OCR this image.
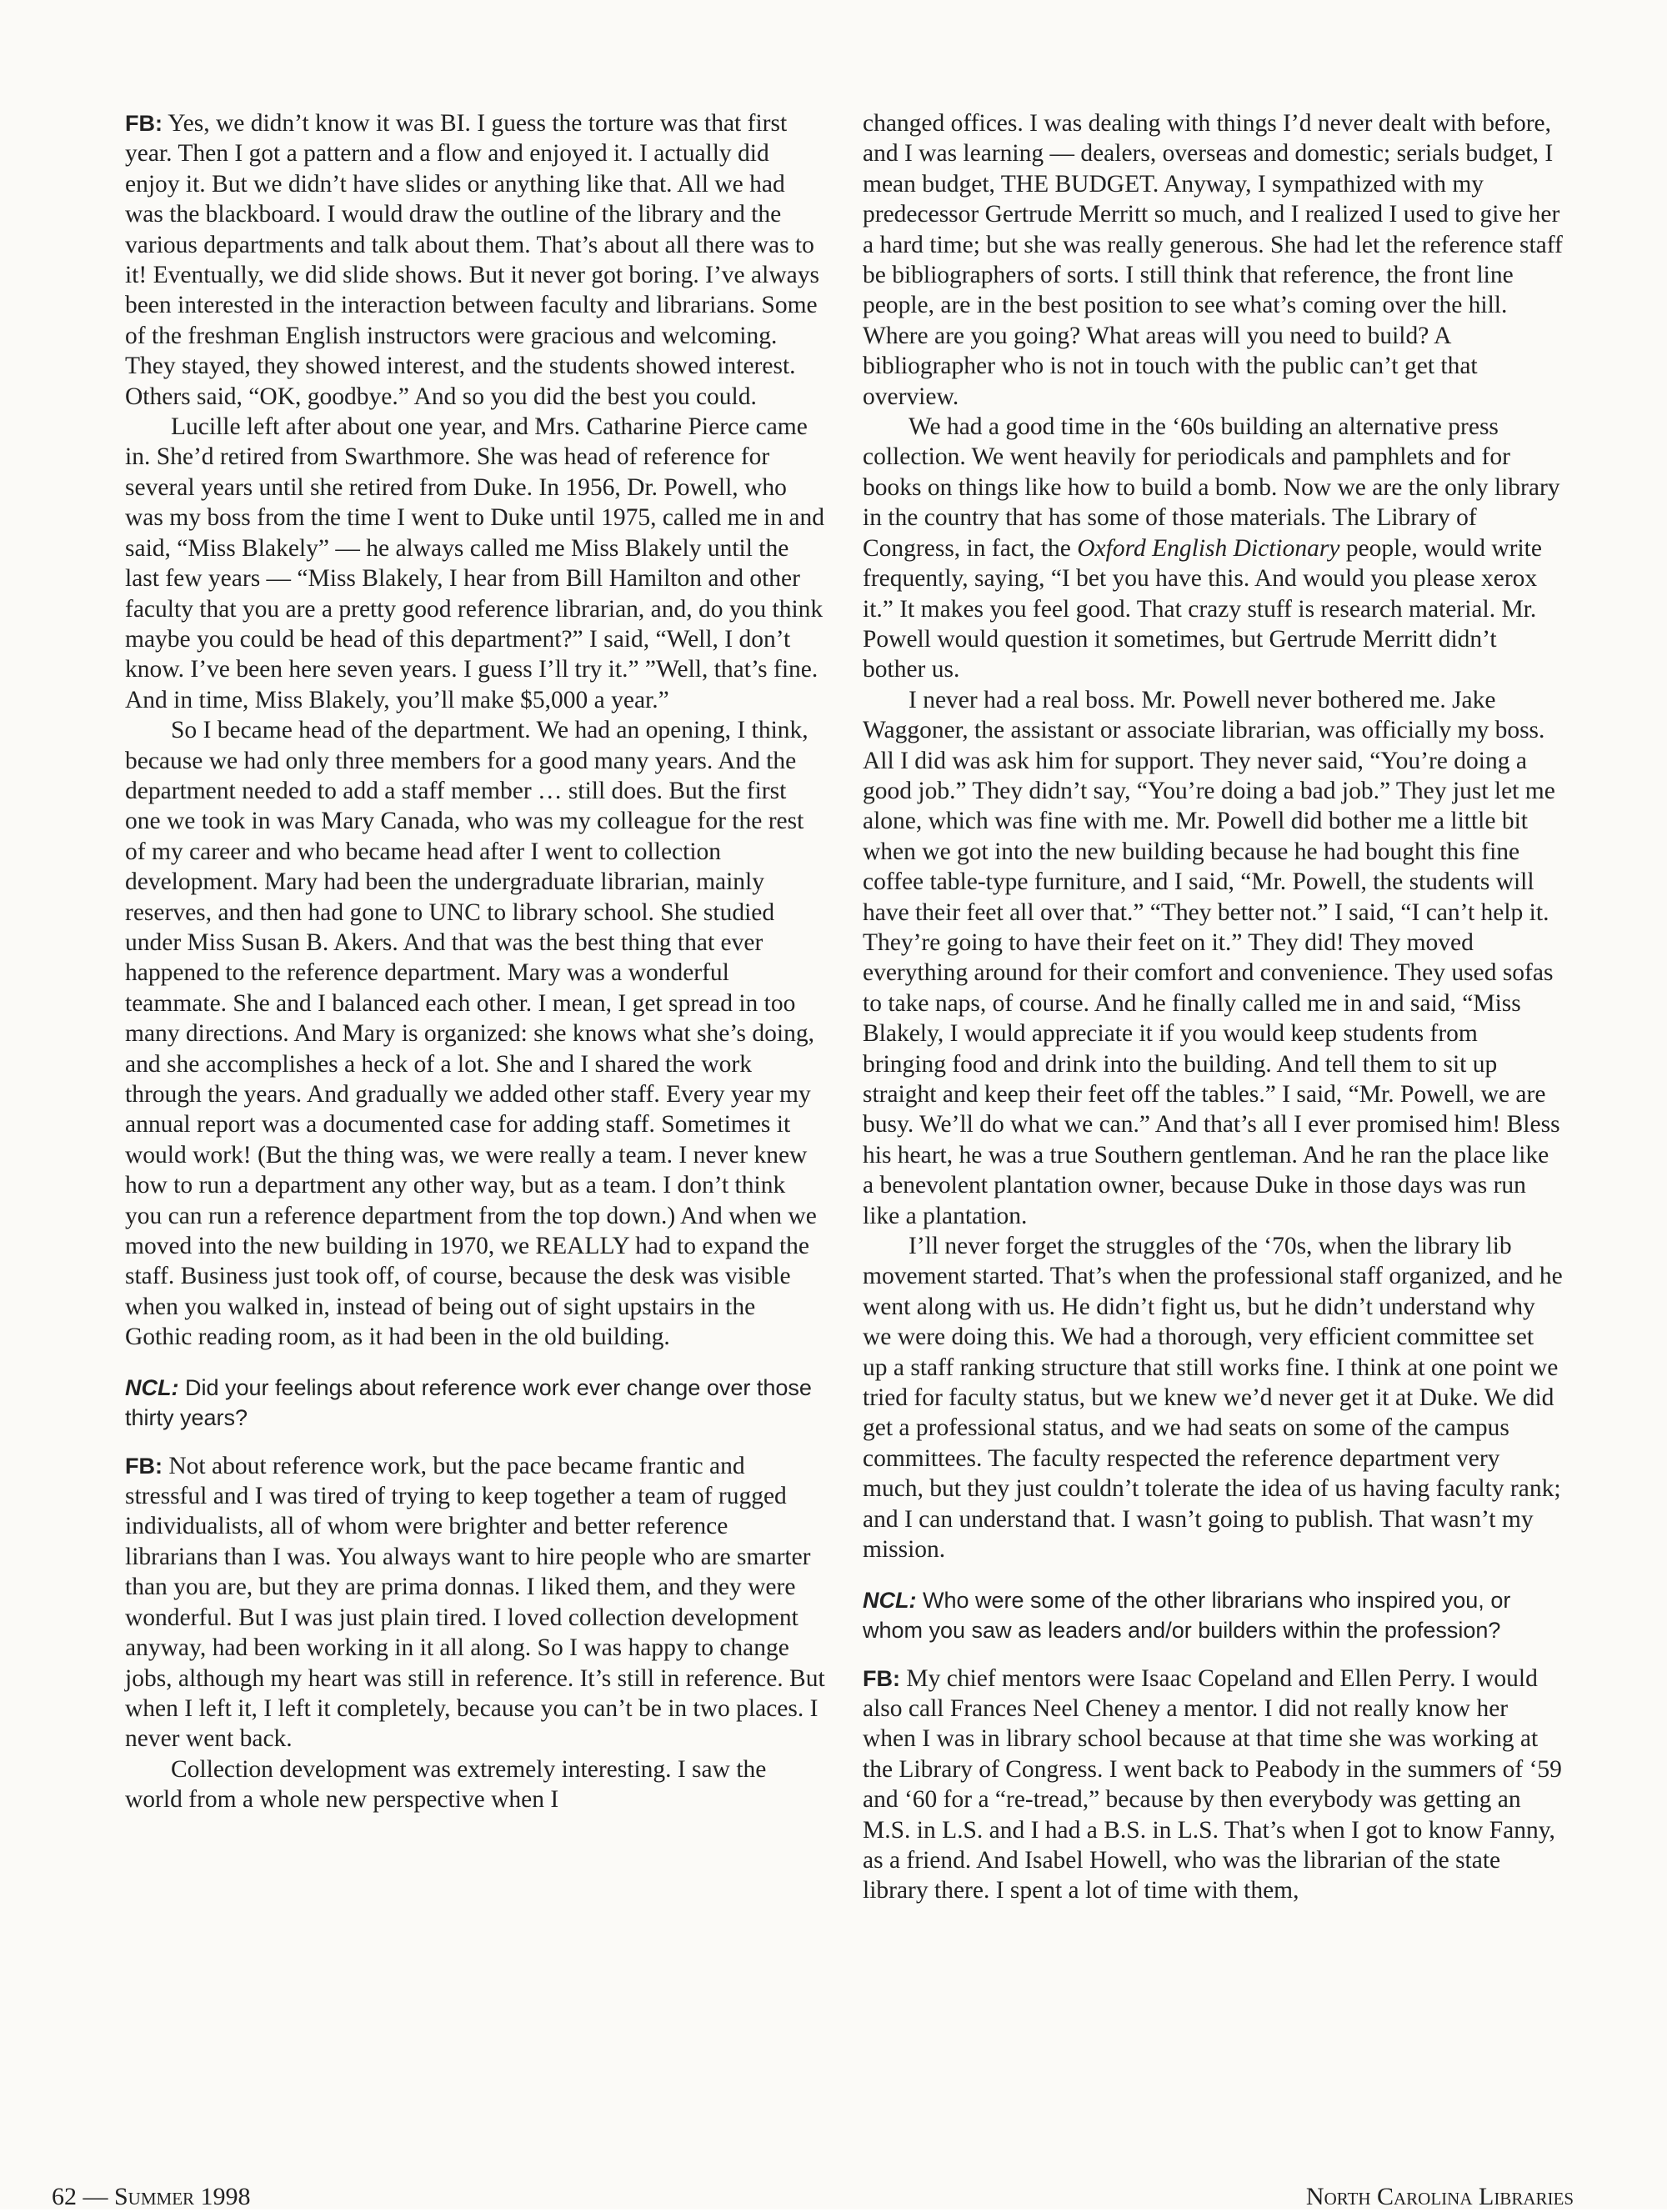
FB: Yes, we didn’t know it was BI. I guess the torture was that first year. Then I got a pattern and a flow and enjoyed it. I actually did enjoy it. But we didn’t have slides or anything like that. All we had was the blackboard. I would draw the outline of the library and the various departments and talk about them. That’s about all there was to it! Eventually, we did slide shows. But it never got boring. I’ve always been interested in the interaction between faculty and librarians. Some of the freshman English instructors were gracious and welcoming. They stayed, they showed interest, and the students showed interest. Others said, “OK, goodbye.” And so you did the best you could.

Lucille left after about one year, and Mrs. Catharine Pierce came in. She’d retired from Swarthmore. She was head of reference for several years until she retired from Duke. In 1956, Dr. Powell, who was my boss from the time I went to Duke until 1975, called me in and said, “Miss Blakely” — he always called me Miss Blakely until the last few years — “Miss Blakely, I hear from Bill Hamilton and other faculty that you are a pretty good reference librarian, and, do you think maybe you could be head of this department?” I said, “Well, I don’t know. I’ve been here seven years. I guess I’ll try it.” ”Well, that’s fine. And in time, Miss Blakely, you’ll make $5,000 a year.”

So I became head of the department. We had an opening, I think, because we had only three members for a good many years. And the department needed to add a staff member … still does. But the first one we took in was Mary Canada, who was my colleague for the rest of my career and who became head after I went to collection development. Mary had been the undergraduate librarian, mainly reserves, and then had gone to UNC to library school. She studied under Miss Susan B. Akers. And that was the best thing that ever happened to the reference department. Mary was a wonderful teammate. She and I balanced each other. I mean, I get spread in too many directions. And Mary is organized: she knows what she’s doing, and she accomplishes a heck of a lot. She and I shared the work through the years. And gradually we added other staff. Every year my annual report was a documented case for adding staff. Sometimes it would work! (But the thing was, we were really a team. I never knew how to run a department any other way, but as a team. I don’t think you can run a reference department from the top down.) And when we moved into the new building in 1970, we REALLY had to expand the staff. Business just took off, of course, because the desk was visible when you walked in, instead of being out of sight upstairs in the Gothic reading room, as it had been in the old building.

NCL: Did your feelings about reference work ever change over those thirty years?

FB: Not about reference work, but the pace became frantic and stressful and I was tired of trying to keep together a team of rugged individualists, all of whom were brighter and better reference librarians than I was. You always want to hire people who are smarter than you are, but they are prima donnas. I liked them, and they were wonderful. But I was just plain tired. I loved collection development anyway, had been working in it all along. So I was happy to change jobs, although my heart was still in reference. It’s still in reference. But when I left it, I left it completely, because you can’t be in two places. I never went back.

Collection development was extremely interesting. I saw the world from a whole new perspective when I

changed offices. I was dealing with things I’d never dealt with before, and I was learning — dealers, overseas and domestic; serials budget, I mean budget, THE BUDGET. Anyway, I sympathized with my predecessor Gertrude Merritt so much, and I realized I used to give her a hard time; but she was really generous. She had let the reference staff be bibliographers of sorts. I still think that reference, the front line people, are in the best position to see what’s coming over the hill. Where are you going? What areas will you need to build? A bibliographer who is not in touch with the public can’t get that overview.

We had a good time in the ‘60s building an alternative press collection. We went heavily for periodicals and pamphlets and for books on things like how to build a bomb. Now we are the only library in the country that has some of those materials. The Library of Congress, in fact, the Oxford English Dictionary people, would write frequently, saying, “I bet you have this. And would you please xerox it.” It makes you feel good. That crazy stuff is research material. Mr. Powell would question it sometimes, but Gertrude Merritt didn’t bother us.

I never had a real boss. Mr. Powell never bothered me. Jake Waggoner, the assistant or associate librarian, was officially my boss. All I did was ask him for support. They never said, “You’re doing a good job.” They didn’t say, “You’re doing a bad job.” They just let me alone, which was fine with me. Mr. Powell did bother me a little bit when we got into the new building because he had bought this fine coffee table-type furniture, and I said, “Mr. Powell, the students will have their feet all over that.” “They better not.” I said, “I can’t help it. They’re going to have their feet on it.” They did! They moved everything around for their comfort and convenience. They used sofas to take naps, of course. And he finally called me in and said, “Miss Blakely, I would appreciate it if you would keep students from bringing food and drink into the building. And tell them to sit up straight and keep their feet off the tables.” I said, “Mr. Powell, we are busy. We’ll do what we can.” And that’s all I ever promised him! Bless his heart, he was a true Southern gentleman. And he ran the place like a benevolent plantation owner, because Duke in those days was run like a plantation.

I’ll never forget the struggles of the ‘70s, when the library lib movement started. That’s when the professional staff organized, and he went along with us. He didn’t fight us, but he didn’t understand why we were doing this. We had a thorough, very efficient committee set up a staff ranking structure that still works fine. I think at one point we tried for faculty status, but we knew we’d never get it at Duke. We did get a professional status, and we had seats on some of the campus committees. The faculty respected the reference department very much, but they just couldn’t tolerate the idea of us having faculty rank; and I can understand that. I wasn’t going to publish. That wasn’t my mission.

NCL: Who were some of the other librarians who inspired you, or whom you saw as leaders and/or builders within the profession?

FB: My chief mentors were Isaac Copeland and Ellen Perry. I would also call Frances Neel Cheney a mentor. I did not really know her when I was in library school because at that time she was working at the Library of Congress. I went back to Peabody in the summers of ‘59 and ‘60 for a “re-tread,” because by then everybody was getting an M.S. in L.S. and I had a B.S. in L.S. That’s when I got to know Fanny, as a friend. And Isabel Howell, who was the librarian of the state library there. I spent a lot of time with them,

62 — Summer 1998	North Carolina Libraries
